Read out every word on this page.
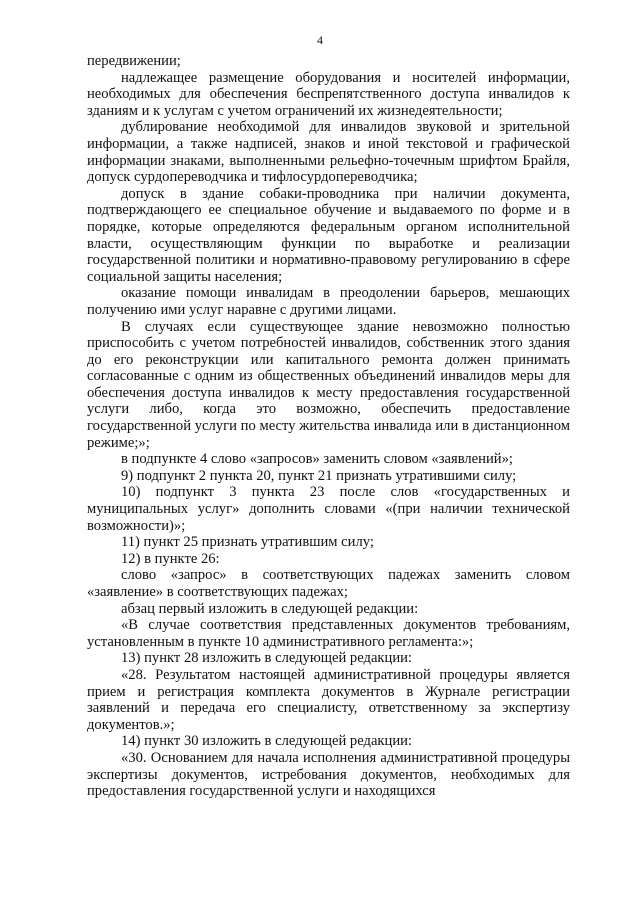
4

передвижении;

надлежащее размещение оборудования и носителей информации, необходимых для обеспечения беспрепятственного доступа инвалидов к зданиям и к услугам с учетом ограничений их жизнедеятельности;

дублирование необходимой для инвалидов звуковой и зрительной информации, а также надписей, знаков и иной текстовой и графической информации знаками, выполненными рельефно-точечным шрифтом Брайля, допуск сурдопереводчика и тифлосурдопереводчика;

допуск в здание собаки-проводника при наличии документа, подтверждающего ее специальное обучение и выдаваемого по форме и в порядке, которые определяются федеральным органом исполнительной власти, осуществляющим функции по выработке и реализации государственной политики и нормативно-правовому регулированию в сфере социальной защиты населения;

оказание помощи инвалидам в преодолении барьеров, мешающих получению ими услуг наравне с другими лицами.

В случаях если существующее здание невозможно полностью приспособить с учетом потребностей инвалидов, собственник этого здания до его реконструкции или капитального ремонта должен принимать согласованные с одним из общественных объединений инвалидов меры для обеспечения доступа инвалидов к месту предоставления государственной услуги либо, когда это возможно, обеспечить предоставление государственной услуги по месту жительства инвалида или в дистанционном режиме;»;

в подпункте 4 слово «запросов» заменить словом «заявлений»;

9) подпункт 2 пункта 20, пункт 21 признать утратившими силу;

10) подпункт 3 пункта 23 после слов «государственных и муниципальных услуг» дополнить словами «(при наличии технической возможности)»;

11) пункт 25 признать утратившим силу;

12) в пункте 26:

слово «запрос» в соответствующих падежах заменить словом «заявление» в соответствующих падежах;

абзац первый изложить в следующей редакции:

«В случае соответствия представленных документов требованиям, установленным в пункте 10 административного регламента:»;

13) пункт 28 изложить в следующей редакции:

«28. Результатом настоящей административной процедуры является прием и регистрация комплекта документов в Журнале регистрации заявлений и передача его специалисту, ответственному за экспертизу документов.»;

14) пункт 30 изложить в следующей редакции:

«30. Основанием для начала исполнения административной процедуры экспертизы документов, истребования документов, необходимых для предоставления государственной услуги и находящихся
